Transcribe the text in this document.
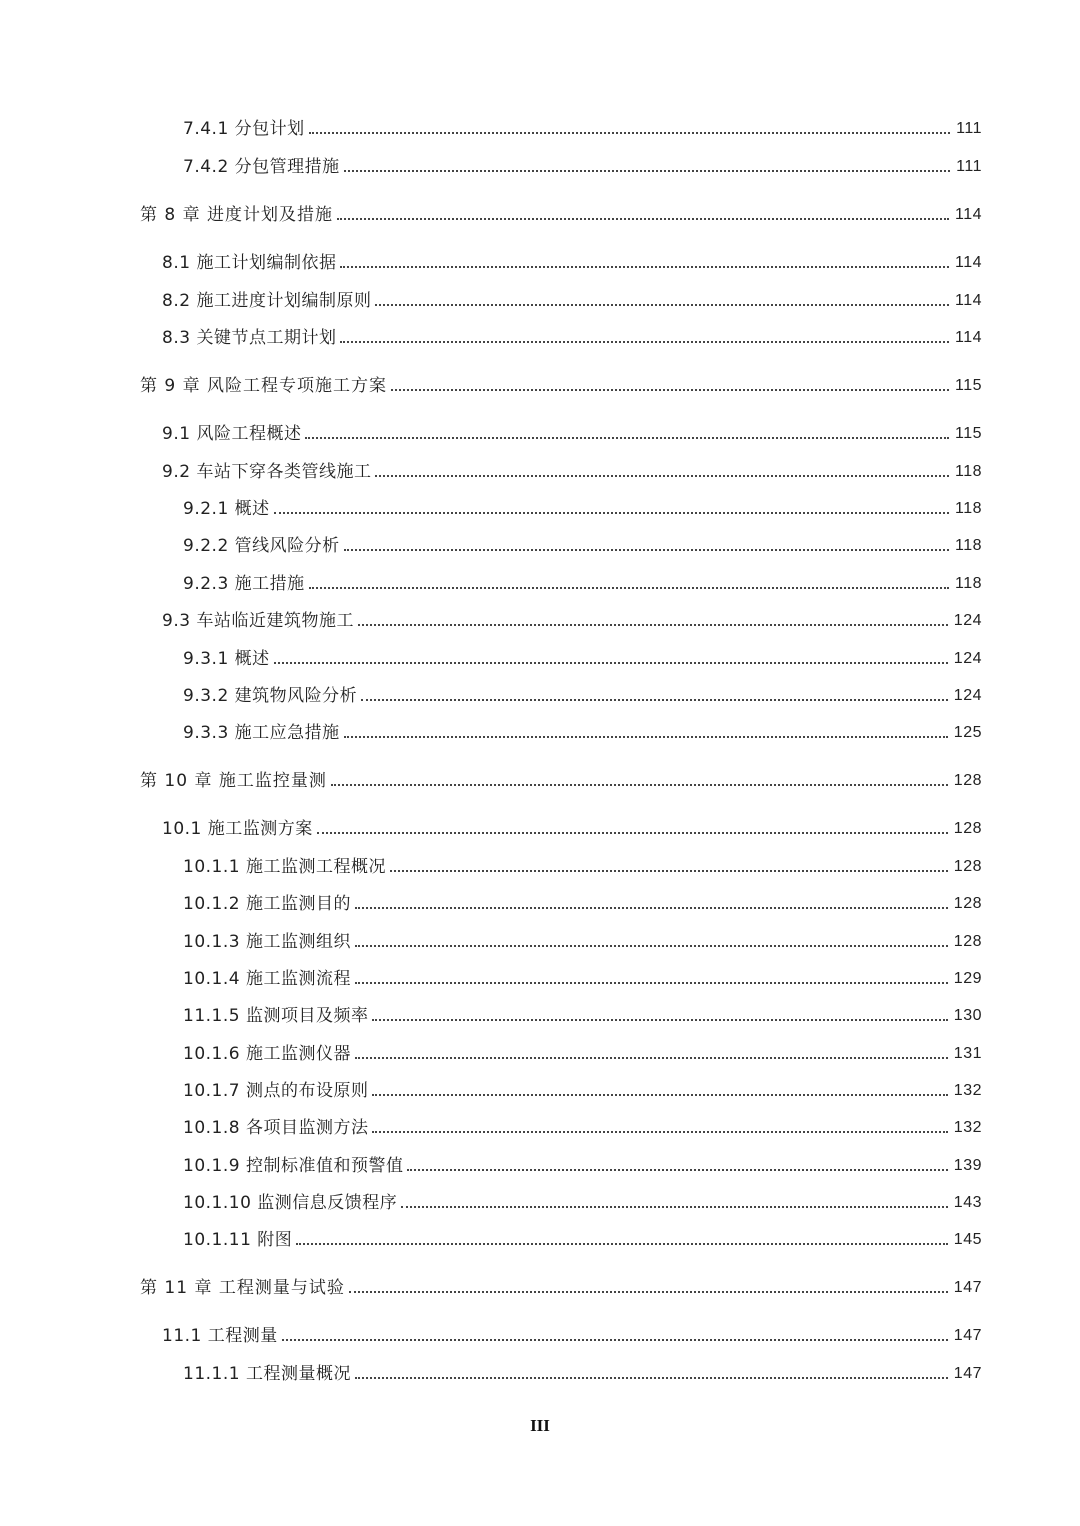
7.4.1 分包计划	111
7.4.2 分包管理措施	111
第 8 章 进度计划及措施	114
8.1 施工计划编制依据	114
8.2 施工进度计划编制原则	114
8.3 关键节点工期计划	114
第 9 章 风险工程专项施工方案	115
9.1 风险工程概述	115
9.2 车站下穿各类管线施工	118
9.2.1 概述	118
9.2.2 管线风险分析	118
9.2.3 施工措施	118
9.3 车站临近建筑物施工	124
9.3.1 概述	124
9.3.2 建筑物风险分析	124
9.3.3 施工应急措施	125
第 10 章 施工监控量测	128
10.1 施工监测方案	128
10.1.1 施工监测工程概况	128
10.1.2 施工监测目的	128
10.1.3 施工监测组织	128
10.1.4 施工监测流程	129
11.1.5 监测项目及频率	130
10.1.6 施工监测仪器	131
10.1.7 测点的布设原则	132
10.1.8 各项目监测方法	132
10.1.9 控制标准值和预警值	139
10.1.10 监测信息反馈程序	143
10.1.11 附图	145
第 11 章 工程测量与试验	147
11.1 工程测量	147
11.1.1 工程测量概况	147
III
